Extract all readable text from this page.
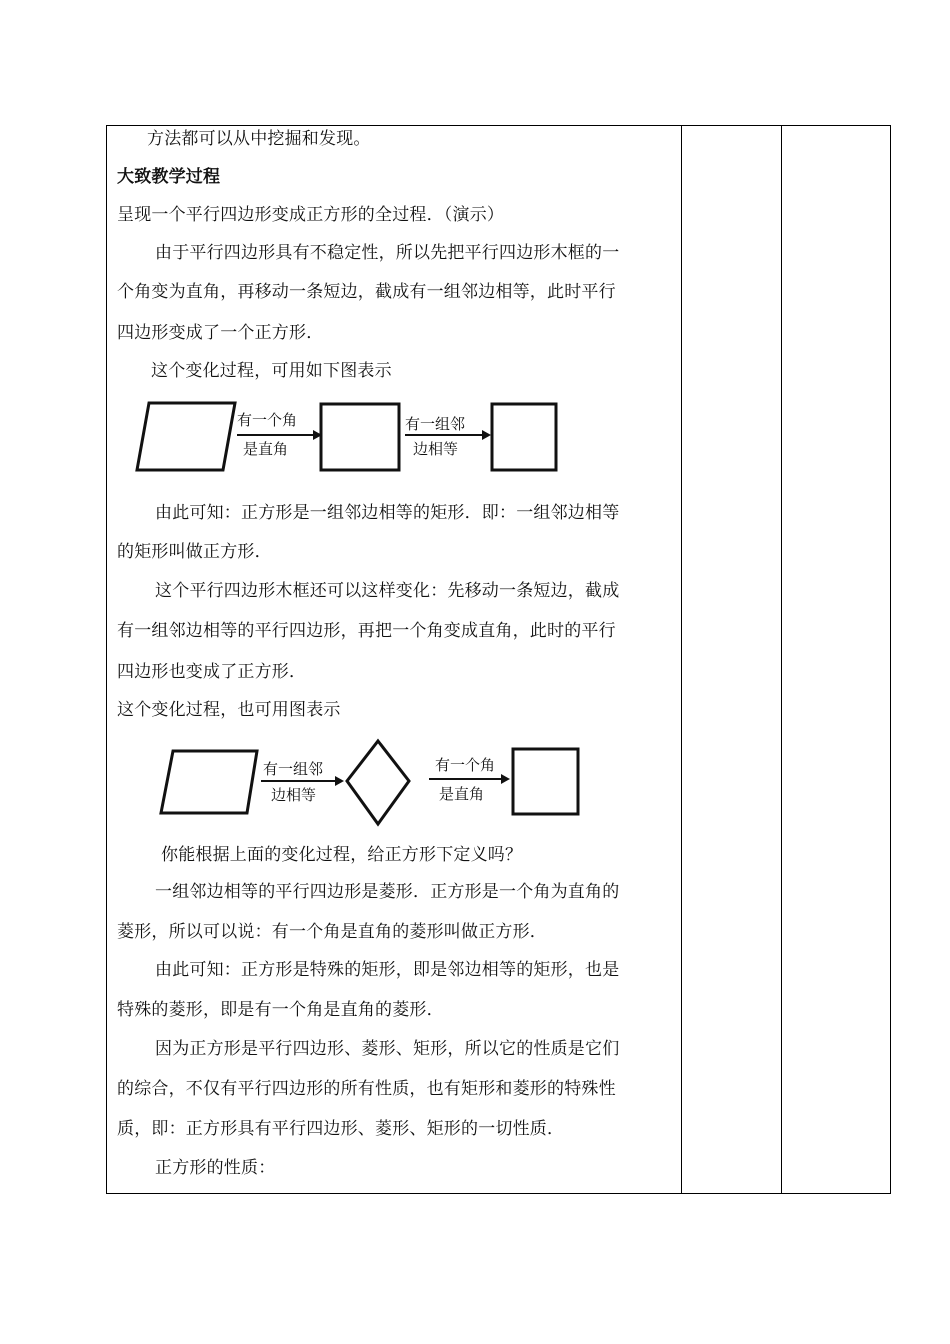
方法都可以从中挖掘和发现。
大致教学过程
呈现一个平行四边形变成正方形的全过程．（演示）
由于平行四边形具有不稳定性，所以先把平行四边形木框的一
个角变为直角，再移动一条短边，截成有一组邻边相等，此时平行
四边形变成了一个正方形．
这个变化过程，可用如下图表示
有一个角
是直角
有一组邻
边相等
由此可知：正方形是一组邻边相等的矩形．即：一组邻边相等
的矩形叫做正方形．
这个平行四边形木框还可以这样变化：先移动一条短边，截成
有一组邻边相等的平行四边形，再把一个角变成直角，此时的平行
四边形也变成了正方形．
这个变化过程，也可用图表示
有一组邻
边相等
有一个角
是直角
你能根据上面的变化过程，给正方形下定义吗？
一组邻边相等的平行四边形是菱形．正方形是一个角为直角的
菱形，所以可以说：有一个角是直角的菱形叫做正方形．
由此可知：正方形是特殊的矩形，即是邻边相等的矩形，也是
特殊的菱形，即是有一个角是直角的菱形．
因为正方形是平行四边形、菱形、矩形，所以它的性质是它们
的综合，不仅有平行四边形的所有性质，也有矩形和菱形的特殊性
质，即：正方形具有平行四边形、菱形、矩形的一切性质．
正方形的性质：
